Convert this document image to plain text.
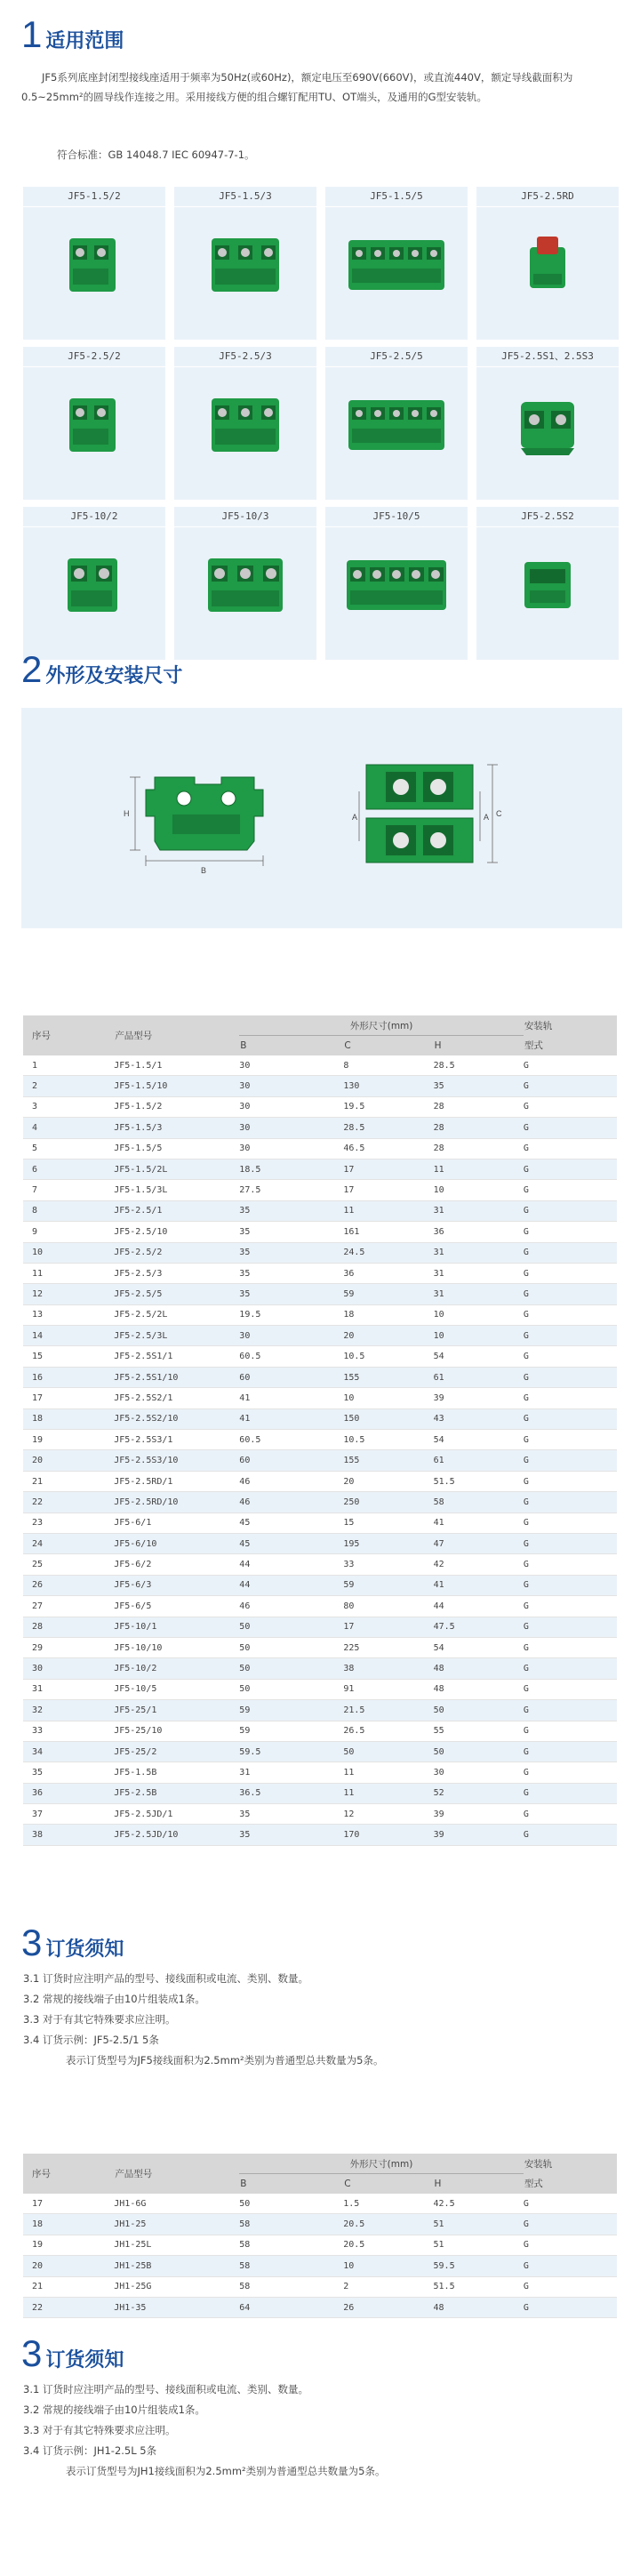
1 适用范围

JF5系列底座封闭型接线座适用于频率为50Hz(或60Hz)，额定电压至690V(660V)，或直流440V，额定导线截面积为0.5~25mm²的圆导线作连接之用。采用接线方便的组合螺钉配用TU、OT端头，及通用的G型安装轨。

符合标准：GB 14048.7 IEC 60947-7-1。
JF5-1.5/2	JF5-1.5/3	JF5-1.5/5	JF5-2.5RD
JF5-2.5/2	JF5-2.5/3	JF5-2.5/5	JF5-2.5S1、2.5S3
JF5-10/2	JF5-10/3	JF5-10/5	JF5-2.5S2
2 外形及安装尺寸
B
H	A	A C
序号	产品型号	外形尺寸(mm)			安装轨
		B	C	H	型式
1	JF5-1.5/1	30	8	28.5	G
2	JF5-1.5/10	30	130	35	G
3	JF5-1.5/2	30	19.5	28	G
4	JF5-1.5/3	30	28.5	28	G
5	JF5-1.5/5	30	46.5	28	G
6	JF5-1.5/2L	18.5	17	11	G
7	JF5-1.5/3L	27.5	17	10	G
8	JF5-2.5/1	35	11	31	G
9	JF5-2.5/10	35	161	36	G
10	JF5-2.5/2	35	24.5	31	G
11	JF5-2.5/3	35	36	31	G
12	JF5-2.5/5	35	59	31	G
13	JF5-2.5/2L	19.5	18	10	G
14	JF5-2.5/3L	30	20	10	G
15	JF5-2.5S1/1	60.5	10.5	54	G
16	JF5-2.5S1/10	60	155	61	G
17	JF5-2.5S2/1	41	10	39	G
18	JF5-2.5S2/10	41	150	43	G
19	JF5-2.5S3/1	60.5	10.5	54	G
20	JF5-2.5S3/10	60	155	61	G
21	JF5-2.5RD/1	46	20	51.5	G
22	JF5-2.5RD/10	46	250	58	G
23	JF5-6/1	45	15	41	G
24	JF5-6/10	45	195	47	G
25	JF5-6/2	44	33	42	G
26	JF5-6/3	44	59	41	G
27	JF5-6/5	46	80	44	G
28	JF5-10/1	50	17	47.5	G
29	JF5-10/10	50	225	54	G
30	JF5-10/2	50	38	48	G
31	JF5-10/5	50	91	48	G
32	JF5-25/1	59	21.5	50	G
33	JF5-25/10	59	26.5	55	G
34	JF5-25/2	59.5	50	50	G
35	JF5-1.5B	31	11	30	G
36	JF5-2.5B	36.5	11	52	G
37	JF5-2.5JD/1	35	12	39	G
38	JF5-2.5JD/10	35	170	39	G
3 订货须知
3.1 订货时应注明产品的型号、接线面积或电流、类别、数量。
3.2 常规的接线端子由10片组装成1条。
3.3 对于有其它特殊要求应注明。
3.4 订货示例：JF5-2.5/1 5条
表示订货型号为JF5接线面积为2.5mm²类别为普通型总共数量为5条。
序号	产品型号	外形尺寸(mm)			安装轨
		B	C	H	型式
17	JH1-6G	50	1.5	42.5	G
18	JH1-25	58	20.5	51	G
19	JH1-25L	58	20.5	51	G
20	JH1-25B	58	10	59.5	G
21	JH1-25G	58	2	51.5	G
22	JH1-35	64	26	48	G
3 订货须知
3.1 订货时应注明产品的型号、接线面积或电流、类别、数量。
3.2 常规的接线端子由10片组装成1条。
3.3 对于有其它特殊要求应注明。
3.4 订货示例：JH1-2.5L 5条
表示订货型号为JH1接线面积为2.5mm²类别为普通型总共数量为5条。
